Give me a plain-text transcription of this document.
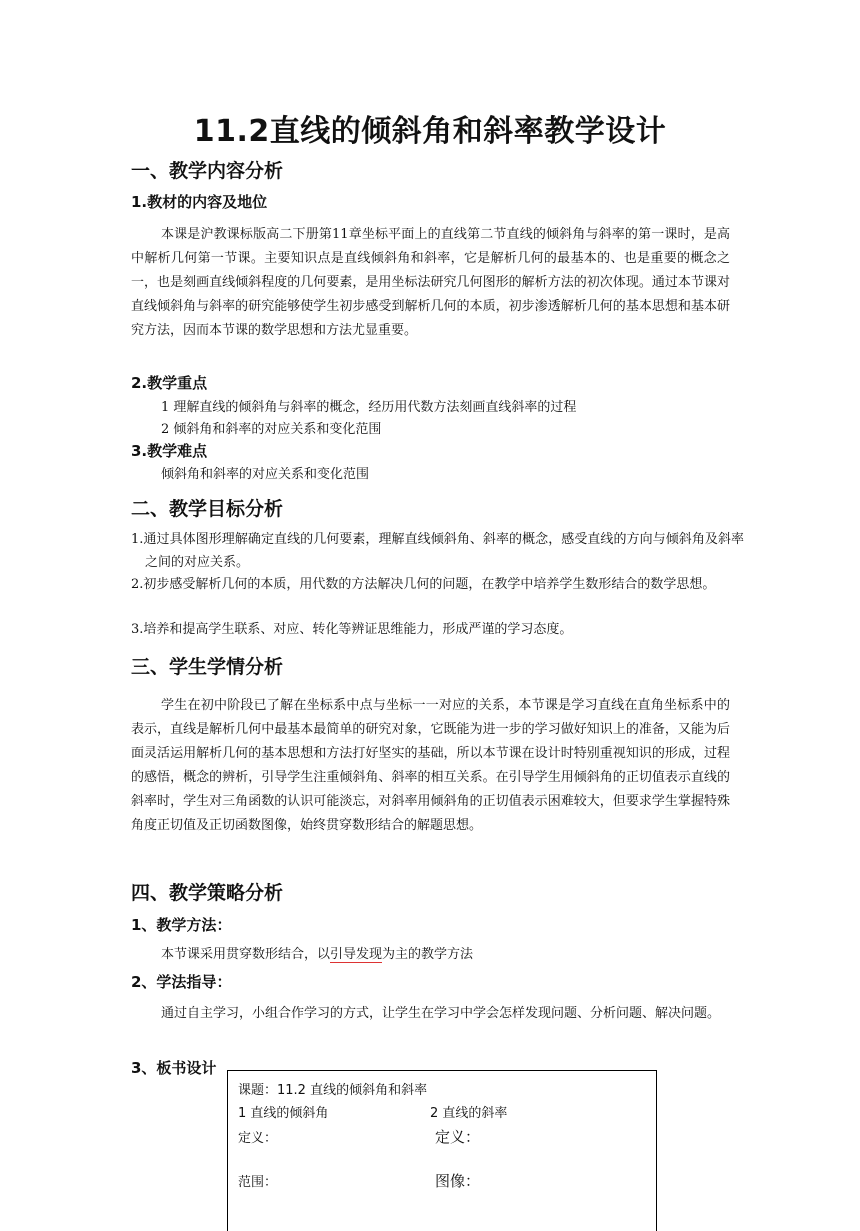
11.2直线的倾斜角和斜率教学设计
一、教学内容分析
1.教材的内容及地位
本课是沪教课标版高二下册第11章坐标平面上的直线第二节直线的倾斜角与斜率的第一课时，是高中解析几何第一节课。主要知识点是直线倾斜角和斜率，它是解析几何的最基本的、也是重要的概念之一，也是刻画直线倾斜程度的几何要素，是用坐标法研究几何图形的解析方法的初次体现。通过本节课对直线倾斜角与斜率的研究能够使学生初步感受到解析几何的本质，初步渗透解析几何的基本思想和基本研究方法，因而本节课的数学思想和方法尤显重要。
2.教学重点
1 理解直线的倾斜角与斜率的概念，经历用代数方法刻画直线斜率的过程
2 倾斜角和斜率的对应关系和变化范围
3.教学难点
倾斜角和斜率的对应关系和变化范围
二、教学目标分析
1.通过具体图形理解确定直线的几何要素，理解直线倾斜角、斜率的概念，感受直线的方向与倾斜角及斜率之间的对应关系。
2.初步感受解析几何的本质，用代数的方法解决几何的问题，在教学中培养学生数形结合的数学思想。
3.培养和提高学生联系、对应、转化等辨证思维能力，形成严谨的学习态度。
三、学生学情分析
学生在初中阶段已了解在坐标系中点与坐标一一对应的关系，本节课是学习直线在直角坐标系中的表示，直线是解析几何中最基本最简单的研究对象，它既能为进一步的学习做好知识上的准备，又能为后面灵活运用解析几何的基本思想和方法打好坚实的基础，所以本节课在设计时特别重视知识的形成，过程的感悟，概念的辨析，引导学生注重倾斜角、斜率的相互关系。在引导学生用倾斜角的正切值表示直线的斜率时，学生对三角函数的认识可能淡忘，对斜率用倾斜角的正切值表示困难较大，但要求学生掌握特殊角度正切值及正切函数图像，始终贯穿数形结合的解题思想。
四、教学策略分析
1、教学方法：
本节课采用贯穿数形结合，以引导发现为主的教学方法
2、学法指导：
通过自主学习，小组合作学习的方式，让学生在学习中学会怎样发现问题、分析问题、解决问题。
3、板书设计
课题：11.2 直线的倾斜角和斜率
1 直线的倾斜角	2 直线的斜率
定义：	定义：
范围：	图像：
